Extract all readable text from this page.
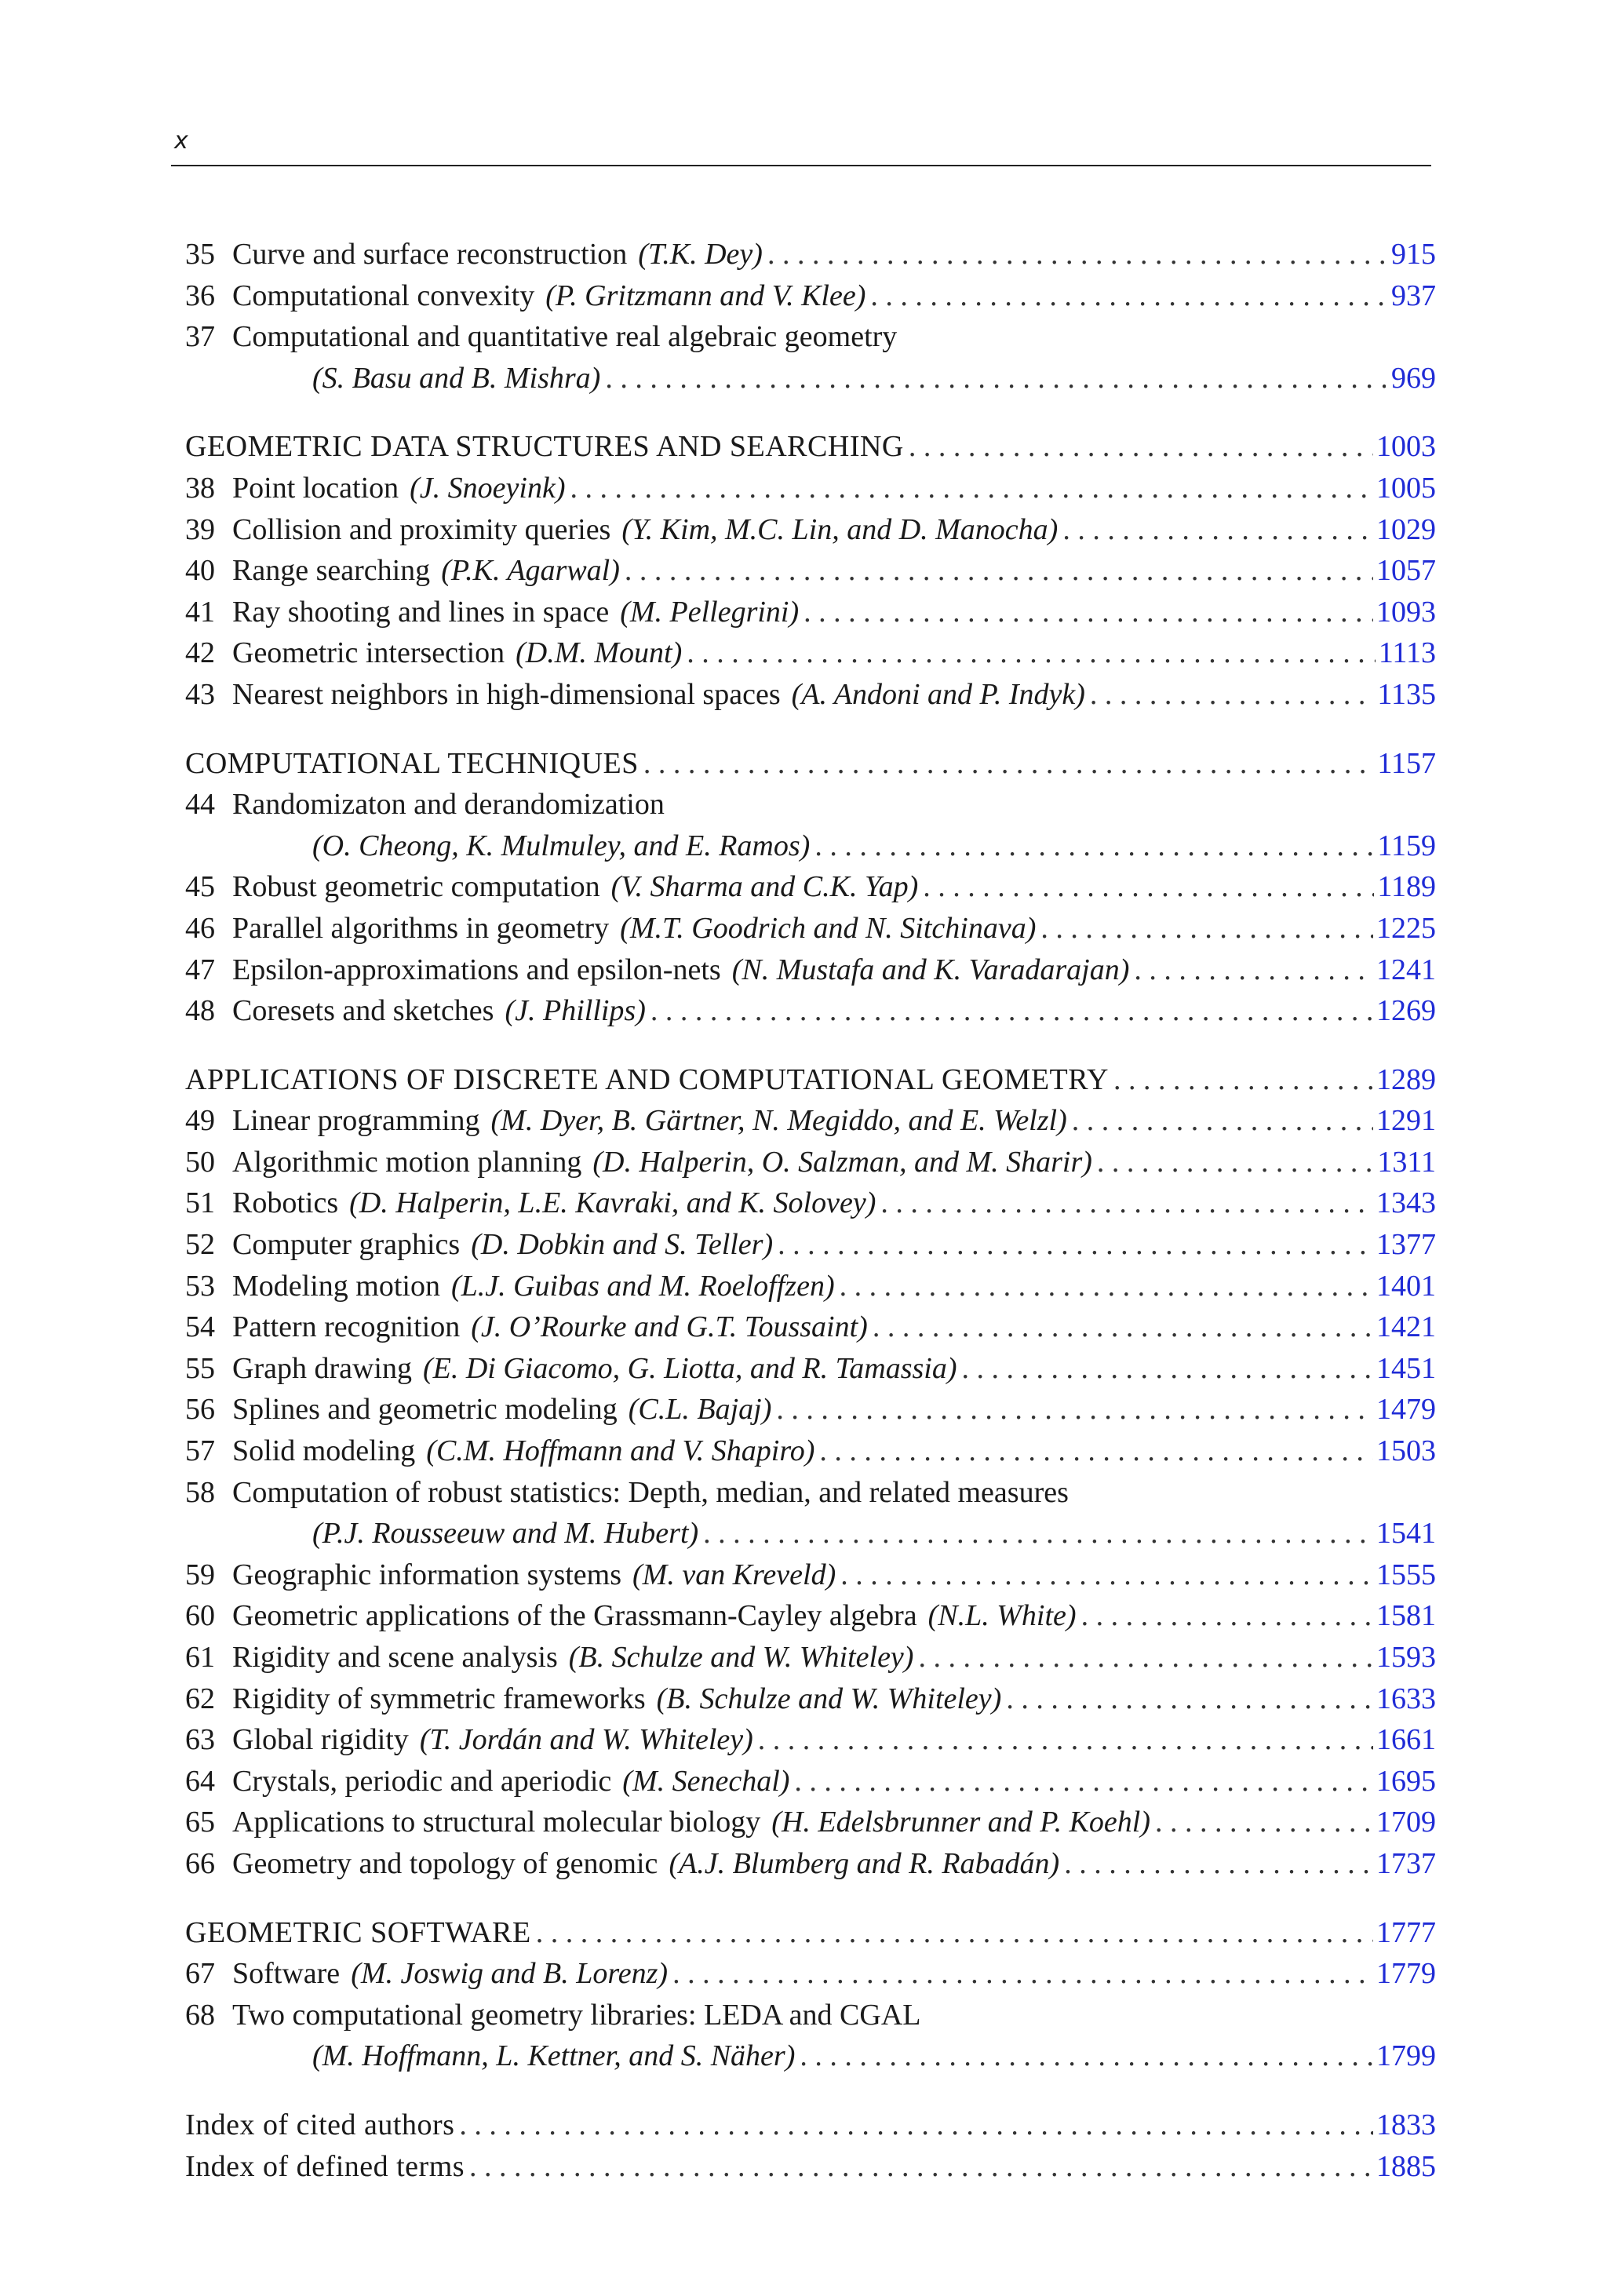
x
35 Curve and surface reconstruction (T.K. Dey) . . .	915
36 Computational convexity (P. Gritzmann and V. Klee) . . .	937
37 Computational and quantitative real algebraic geometry
(S. Basu and B. Mishra) . . .	969
GEOMETRIC DATA STRUCTURES AND SEARCHING . . .	1003
38 Point location (J. Snoeyink) . . .	1005
39 Collision and proximity queries (Y. Kim, M.C. Lin, and D. Manocha) . . .	1029
40 Range searching (P.K. Agarwal) . . .	1057
41 Ray shooting and lines in space (M. Pellegrini) . . .	1093
42 Geometric intersection (D.M. Mount) . . .	1113
43 Nearest neighbors in high-dimensional spaces (A. Andoni and P. Indyk) . . .	1135
COMPUTATIONAL TECHNIQUES . . .	1157
44 Randomizaton and derandomization
(O. Cheong, K. Mulmuley, and E. Ramos) . . .	1159
45 Robust geometric computation (V. Sharma and C.K. Yap) . . .	1189
46 Parallel algorithms in geometry (M.T. Goodrich and N. Sitchinava) . . .	1225
47 Epsilon-approximations and epsilon-nets (N. Mustafa and K. Varadarajan) . . .	1241
48 Coresets and sketches (J. Phillips) . . .	1269
APPLICATIONS OF DISCRETE AND COMPUTATIONAL GEOMETRY . . .	1289
49 Linear programming (M. Dyer, B. Gärtner, N. Megiddo, and E. Welzl) . . .	1291
50 Algorithmic motion planning (D. Halperin, O. Salzman, and M. Sharir) . . .	1311
51 Robotics (D. Halperin, L.E. Kavraki, and K. Solovey) . . .	1343
52 Computer graphics (D. Dobkin and S. Teller) . . .	1377
53 Modeling motion (L.J. Guibas and M. Roeloffzen) . . .	1401
54 Pattern recognition (J. O’Rourke and G.T. Toussaint) . . .	1421
55 Graph drawing (E. Di Giacomo, G. Liotta, and R. Tamassia) . . .	1451
56 Splines and geometric modeling (C.L. Bajaj) . . .	1479
57 Solid modeling (C.M. Hoffmann and V. Shapiro) . . .	1503
58 Computation of robust statistics: Depth, median, and related measures
(P.J. Rousseeuw and M. Hubert) . . .	1541
59 Geographic information systems (M. van Kreveld) . . .	1555
60 Geometric applications of the Grassmann-Cayley algebra (N.L. White) . . .	1581
61 Rigidity and scene analysis (B. Schulze and W. Whiteley) . . .	1593
62 Rigidity of symmetric frameworks (B. Schulze and W. Whiteley) . . .	1633
63 Global rigidity (T. Jordán and W. Whiteley) . . .	1661
64 Crystals, periodic and aperiodic (M. Senechal) . . .	1695
65 Applications to structural molecular biology (H. Edelsbrunner and P. Koehl) . . .	1709
66 Geometry and topology of genomic (A.J. Blumberg and R. Rabadán) . . .	1737
GEOMETRIC SOFTWARE . . .	1777
67 Software (M. Joswig and B. Lorenz) . . .	1779
68 Two computational geometry libraries: LEDA and CGAL
(M. Hoffmann, L. Kettner, and S. Näher) . . .	1799
Index of cited authors . . .	1833
Index of defined terms . . .	1885
